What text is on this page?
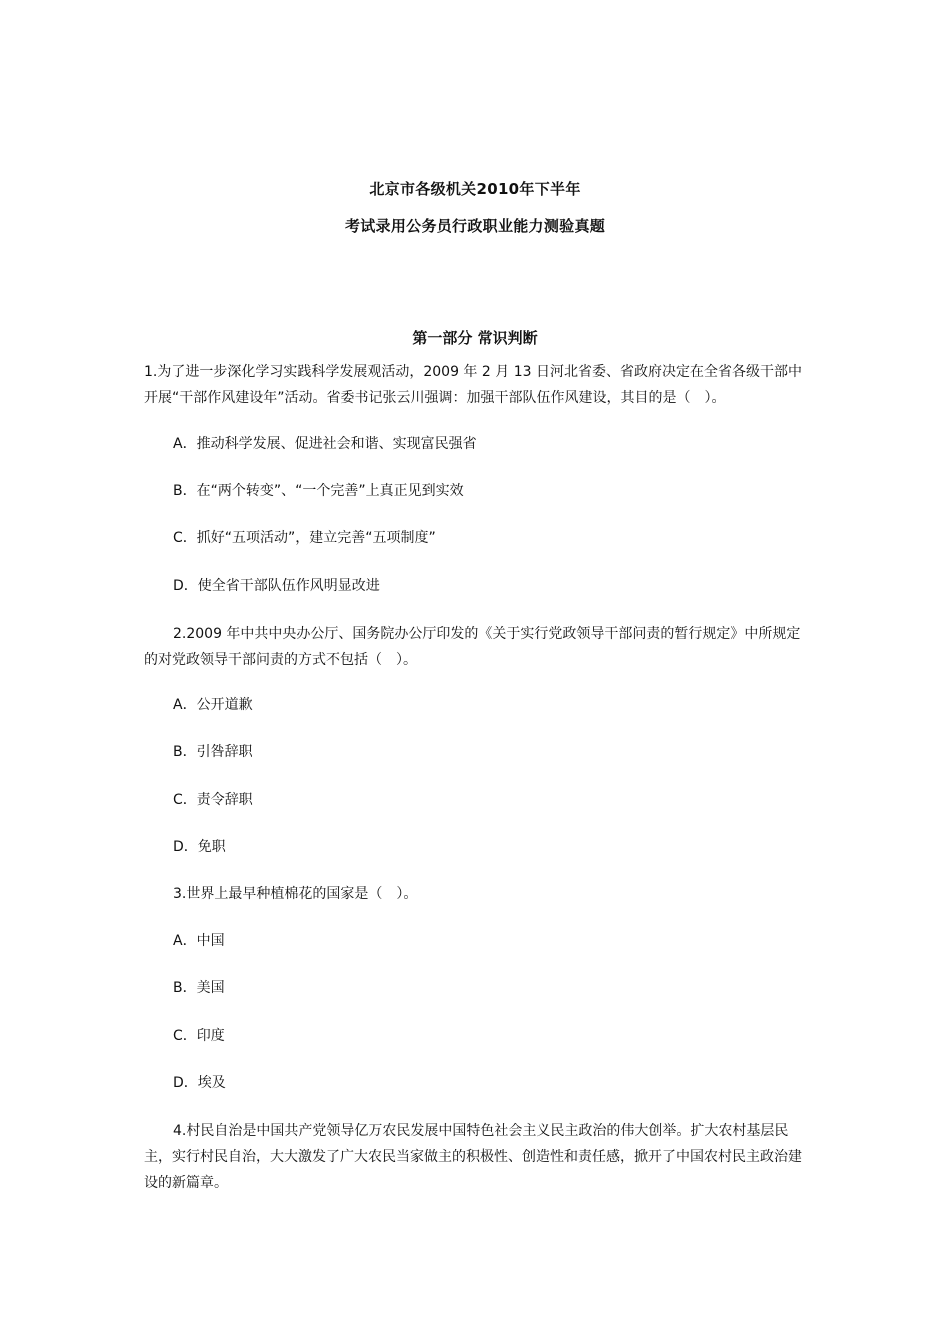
北京市各级机关2010年下半年
考试录用公务员行政职业能力测验真题
第一部分 常识判断

1.为了进一步深化学习实践科学发展观活动，2009 年 2 月 13 日河北省委、省政府决定在全省各级干部中开展“干部作风建设年”活动。省委书记张云川强调：加强干部队伍作风建设，其目的是（　）。

A．推动科学发展、促进社会和谐、实现富民强省
B．在“两个转变”、“一个完善”上真正见到实效
C．抓好“五项活动”，建立完善“五项制度”
D．使全省干部队伍作风明显改进

2.2009 年中共中央办公厅、国务院办公厅印发的《关于实行党政领导干部问责的暂行规定》中所规定的对党政领导干部问责的方式不包括（　）。

A．公开道歉
B．引咎辞职
C．责令辞职
D．免职
3.世界上最早种植棉花的国家是（　）。
A．中国
B．美国
C．印度
D．埃及

4.村民自治是中国共产党领导亿万农民发展中国特色社会主义民主政治的伟大创举。扩大农村基层民主，实行村民自治，大大激发了广大农民当家做主的积极性、创造性和责任感，掀开了中国农村民主政治建设的新篇章。
